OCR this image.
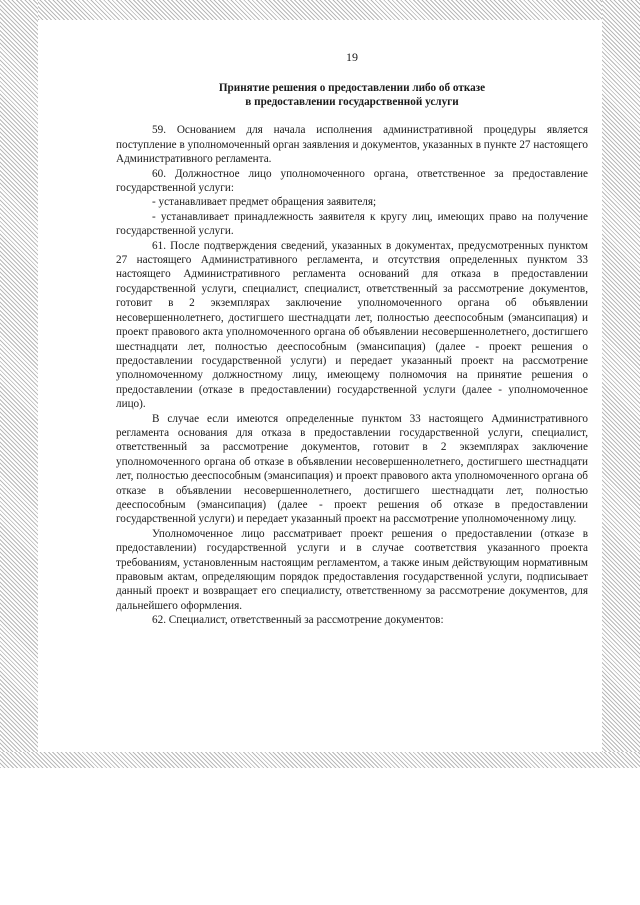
19
Принятие решения о предоставлении либо об отказе
в предоставлении государственной услуги

59. Основанием для начала исполнения административной процедуры является поступление в уполномоченный орган заявления и документов, указанных в пункте 27 настоящего Административного регламента.

60. Должностное лицо уполномоченного органа, ответственное за предоставление государственной услуги:

- устанавливает предмет обращения заявителя;

- устанавливает принадлежность заявителя к кругу лиц, имеющих право на получение государственной услуги.

61. После подтверждения сведений, указанных в документах, предусмотренных пунктом 27 настоящего Административного регламента, и отсутствия определенных пунктом 33 настоящего Административного регламента оснований для отказа в предоставлении государственной услуги, специалист, специалист, ответственный за рассмотрение документов, готовит в 2 экземплярах заключение уполномоченного органа об объявлении несовершеннолетнего, достигшего шестнадцати лет, полностью дееспособным (эмансипация) и проект правового акта уполномоченного органа об объявлении несовершеннолетнего, достигшего шестнадцати лет, полностью дееспособным (эмансипация) (далее - проект решения о предоставлении государственной услуги) и передает указанный проект на рассмотрение уполномоченному должностному лицу, имеющему полномочия на принятие решения о предоставлении (отказе в предоставлении) государственной услуги (далее - уполномоченное лицо).

В случае если имеются определенные пунктом 33 настоящего Административного регламента основания для отказа в предоставлении государственной услуги, специалист, ответственный за рассмотрение документов, готовит в 2 экземплярах заключение уполномоченного органа об отказе в объявлении несовершеннолетнего, достигшего шестнадцати лет, полностью дееспособным (эмансипация) и проект правового акта уполномоченного органа об отказе в объявлении несовершеннолетнего, достигшего шестнадцати лет, полностью дееспособным (эмансипация) (далее - проект решения об отказе в предоставлении государственной услуги) и передает указанный проект на рассмотрение уполномоченному лицу.

Уполномоченное лицо рассматривает проект решения о предоставлении (отказе в предоставлении) государственной услуги и в случае соответствия указанного проекта требованиям, установленным настоящим регламентом, а также иным действующим нормативным правовым актам, определяющим порядок предоставления государственной услуги, подписывает данный проект и возвращает его специалисту, ответственному за рассмотрение документов, для дальнейшего оформления.

62. Специалист, ответственный за рассмотрение документов:
